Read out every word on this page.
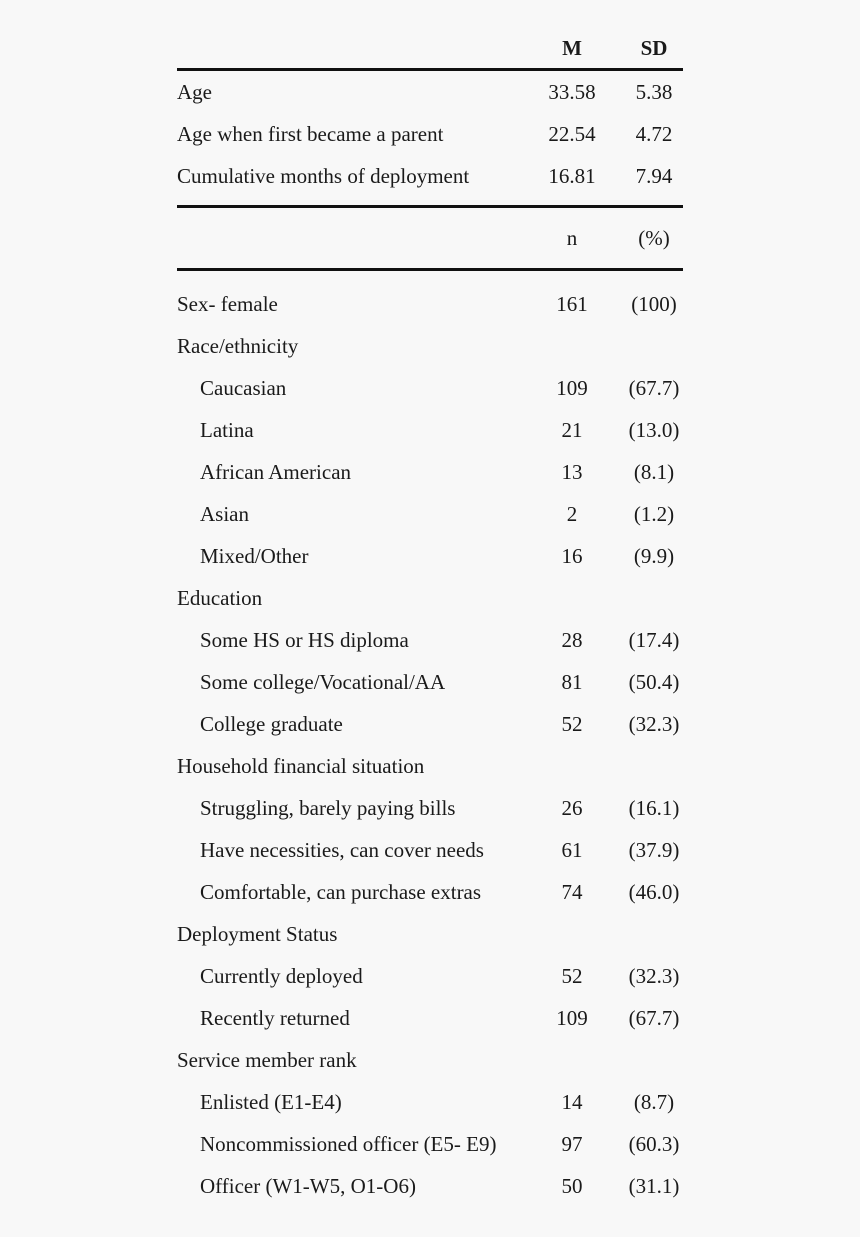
M	SD
Age	33.58	5.38
Age when first became a parent	22.54	4.72
Cumulative months of deployment	16.81	7.94
n	(%)
Sex- female	161	(100)
Race/ethnicity
Caucasian	109	(67.7)
Latina	21	(13.0)
African American	13	(8.1)
Asian	2	(1.2)
Mixed/Other	16	(9.9)
Education
Some HS or HS diploma	28	(17.4)
Some college/Vocational/AA	81	(50.4)
College graduate	52	(32.3)
Household financial situation
Struggling, barely paying bills	26	(16.1)
Have necessities, can cover needs	61	(37.9)
Comfortable, can purchase extras	74	(46.0)
Deployment Status
Currently deployed	52	(32.3)
Recently returned	109	(67.7)
Service member rank
Enlisted (E1-E4)	14	(8.7)
Noncommissioned officer (E5- E9)	97	(60.3)
Officer (W1-W5, O1-O6)	50	(31.1)
